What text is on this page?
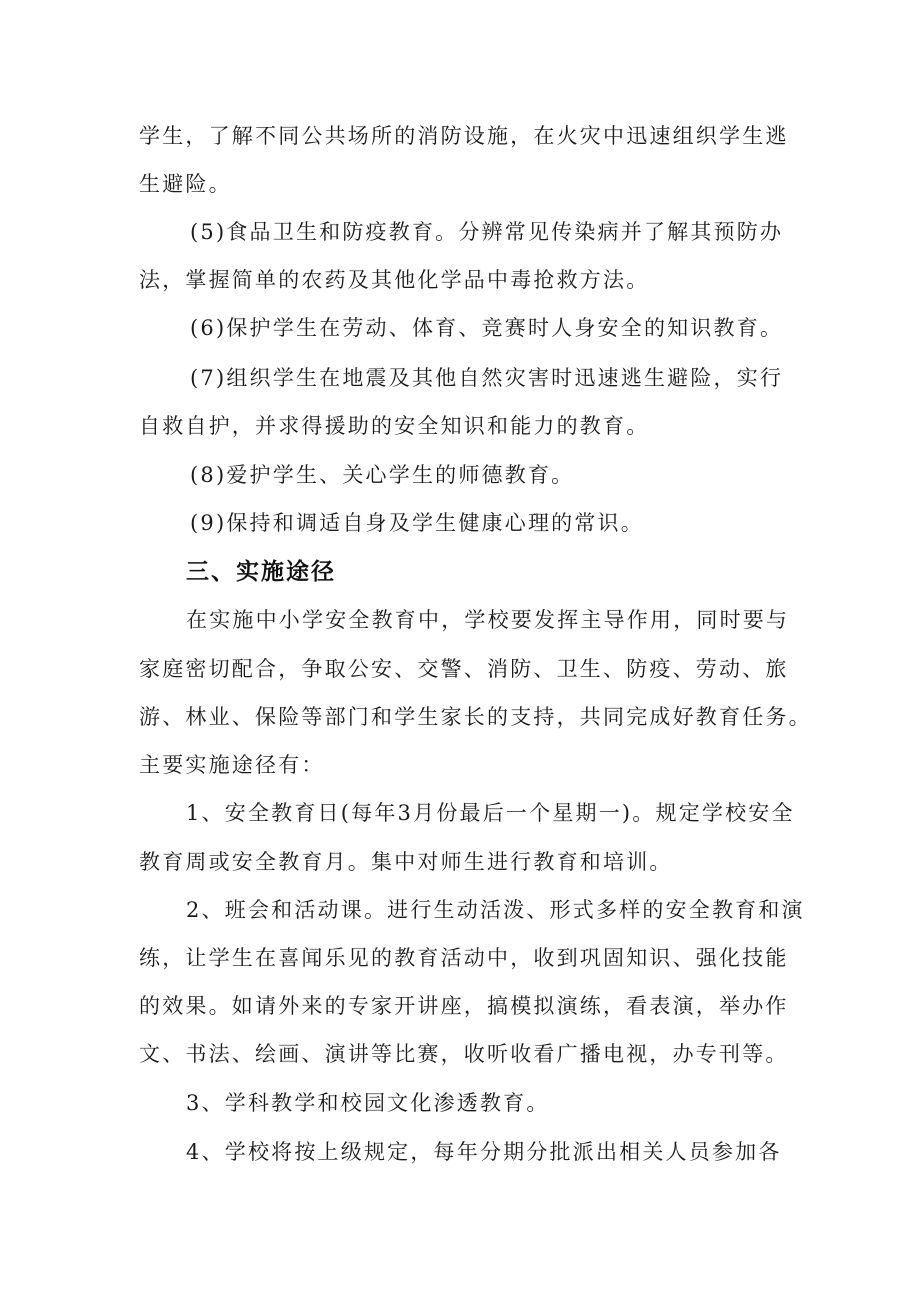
学生，了解不同公共场所的消防设施，在火灾中迅速组织学生逃
生避险。
(5)食品卫生和防疫教育。分辨常见传染病并了解其预防办
法，掌握简单的农药及其他化学品中毒抢救方法。
(6)保护学生在劳动、体育、竞赛时人身安全的知识教育。
(7)组织学生在地震及其他自然灾害时迅速逃生避险，实行
自救自护，并求得援助的安全知识和能力的教育。
(8)爱护学生、关心学生的师德教育。
(9)保持和调适自身及学生健康心理的常识。
三、实施途径
在实施中小学安全教育中，学校要发挥主导作用，同时要与
家庭密切配合，争取公安、交警、消防、卫生、防疫、劳动、旅
游、林业、保险等部门和学生家长的支持，共同完成好教育任务。
主要实施途径有：
1、安全教育日(每年3月份最后一个星期一)。规定学校安全
教育周或安全教育月。集中对师生进行教育和培训。
2、班会和活动课。进行生动活泼、形式多样的安全教育和演
练，让学生在喜闻乐见的教育活动中，收到巩固知识、强化技能
的效果。如请外来的专家开讲座，搞模拟演练，看表演，举办作
文、书法、绘画、演讲等比赛，收听收看广播电视，办专刊等。
3、学科教学和校园文化渗透教育。
4、学校将按上级规定，每年分期分批派出相关人员参加各
